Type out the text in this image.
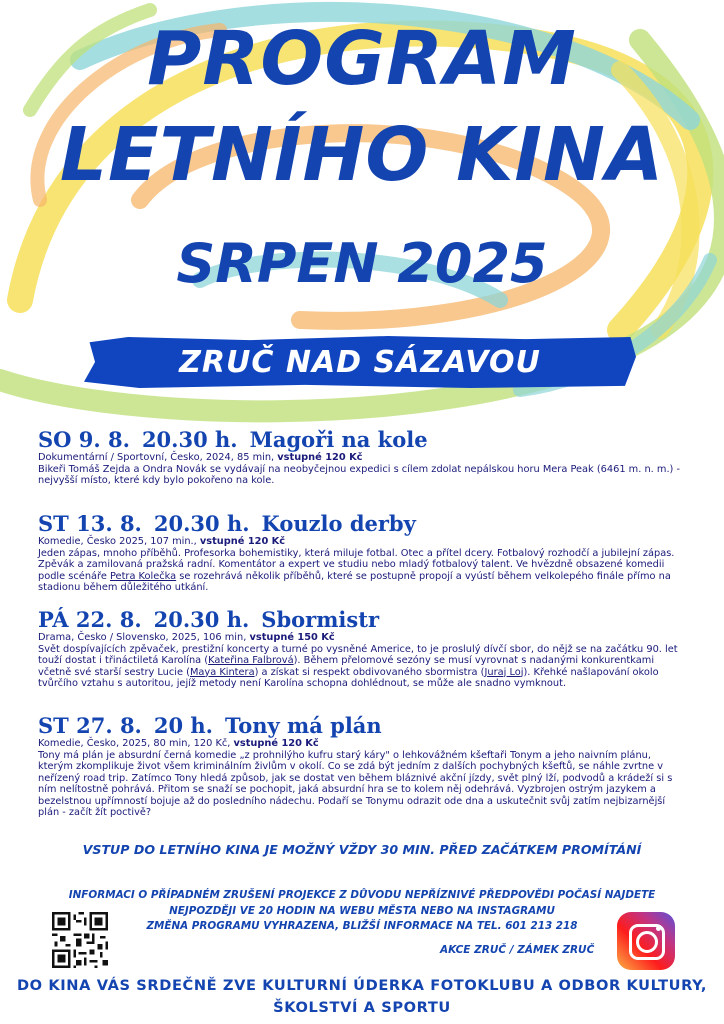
PROGRAM
LETNÍHO KINA
SRPEN 2025
ZRUČ NAD SÁZAVOU
SO 9. 8. 20.30 h. Magoři na kole
Dokumentární / Sportovní, Česko, 2024, 85 min, vstupné 120 Kč
Bikeři Tomáš Zejda a Ondra Novák se vydávají na neobyčejnou expedici s cílem zdolat nepálskou horu Mera Peak (6461 m. n. m.) - nejvyšší místo, které kdy bylo pokořeno na kole.
ST 13. 8. 20.30 h. Kouzlo derby
Komedie, Česko 2025, 107 min., vstupné 120 Kč
Jeden zápas, mnoho příběhů. Profesorka bohemistiky, která miluje fotbal. Otec a přítel dcery. Fotbalový rozhodčí a jubilejní zápas. Zpěvák a zamilovaná pražská radní. Komentátor a expert ve studiu nebo mladý fotbalový talent. Ve hvězdně obsazené komedii podle scénáře Petra Kolečka se rozehrává několik příběhů, které se postupně propojí a vyústí během velkolepého finále přímo na stadionu během důležitého utkání.
PÁ 22. 8. 20.30 h. Sbormistr
Drama, Česko / Slovensko, 2025, 106 min, vstupné 150 Kč
Svět dospívajících zpěvaček, prestižní koncerty a turné po vysněné Americe, to je proslulý dívčí sbor, do nějž se na začátku 90. let touží dostat i třináctiletá Karolína (Kateřina Falbrová). Během přelomové sezóny se musí vyrovnat s nadanými konkurentkami včetně své starší sestry Lucie (Maya Kintera) a získat si respekt obdivovaného sbormistra (Juraj Loj). Křehké našlapování okolo tvůrčího vztahu s autoritou, jejíž metody není Karolína schopna dohlédnout, se může ale snadno vymknout.
ST 27. 8. 20 h. Tony má plán
Komedie, Česko, 2025, 80 min, 120 Kč, vstupné 120 Kč
Tony má plán je absurdní černá komedie „z prohnilýho kufru starý káry" o lehkovážném kšeftaři Tonym a jeho naivním plánu, kterým zkomplikuje život všem kriminálním živlům v okolí. Co se zdá být jedním z dalších pochybných kšeftů, se náhle zvrtne v neřízený road trip. Zatímco Tony hledá způsob, jak se dostat ven během bláznivé akční jízdy, svět plný lží, podvodů a krádeží si s ním nelítostně pohrává. Přitom se snaží se pochopit, jaká absurdní hra se to kolem něj odehrává. Vyzbrojen ostrým jazykem a bezelstnou upřímností bojuje až do posledního nádechu. Podaří se Tonymu odrazit ode dna a uskutečnit svůj zatím nejbizarnější plán - začít žít poctivě?
VSTUP DO LETNÍHO KINA JE MOŽNÝ VŽDY 30 MIN. PŘED ZAČÁTKEM PROMÍTÁNÍ
INFORMACI O PŘÍPADNÉM ZRUŠENÍ PROJEKCE Z DŮVODU NEPŘÍZNIVÉ PŘEDPOVĚDI POČASÍ NAJDETE
NEJPOZDĚJI VE 20 HODIN NA WEBU MĚSTA NEBO NA INSTAGRAMU
ZMĚNA PROGRAMU VYHRAZENA, BLIŽŠÍ INFORMACE NA TEL. 601 213 218
AKCE ZRUČ / ZÁMEK ZRUČ
DO KINA VÁS SRDEČNĚ ZVE KULTURNÍ ÚDERKA FOTOKLUBU A ODBOR KULTURY,
ŠKOLSTVÍ A SPORTU
